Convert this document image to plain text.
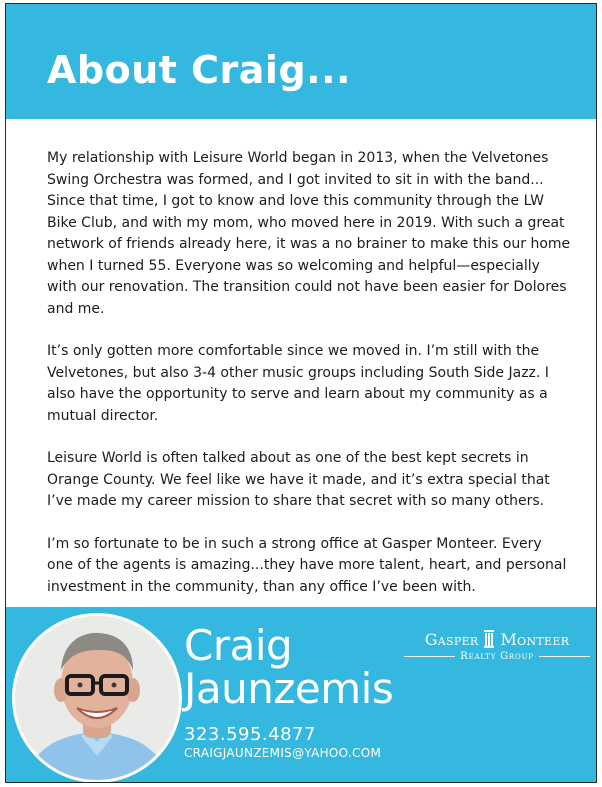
About Craig...

My relationship with Leisure World began in 2013, when the Velvetones Swing Orchestra was formed, and I got invited to sit in with the band... Since that time, I got to know and love this community through the LW Bike Club, and with my mom, who moved here in 2019. With such a great network of friends already here, it was a no brainer to make this our home when I turned 55. Everyone was so welcoming and helpful—especially with our renovation. The transition could not have been easier for Dolores and me.

It’s only gotten more comfortable since we moved in. I’m still with the Velvetones, but also 3-4 other music groups including South Side Jazz. I also have the opportunity to serve and learn about my community as a mutual director.

Leisure World is often talked about as one of the best kept secrets in Orange County. We feel like we have it made, and it’s extra special that I’ve made my career mission to share that secret with so many others.

I’m so fortunate to be in such a strong office at Gasper Monteer. Every one of the agents is amazing...they have more talent, heart, and personal investment in the community, than any office I’ve been with.

Craig
Jaunzemis
323.595.4877
CRAIGJAUNZEMIS@YAHOO.COM
Gasper Monteer
Realty Group
